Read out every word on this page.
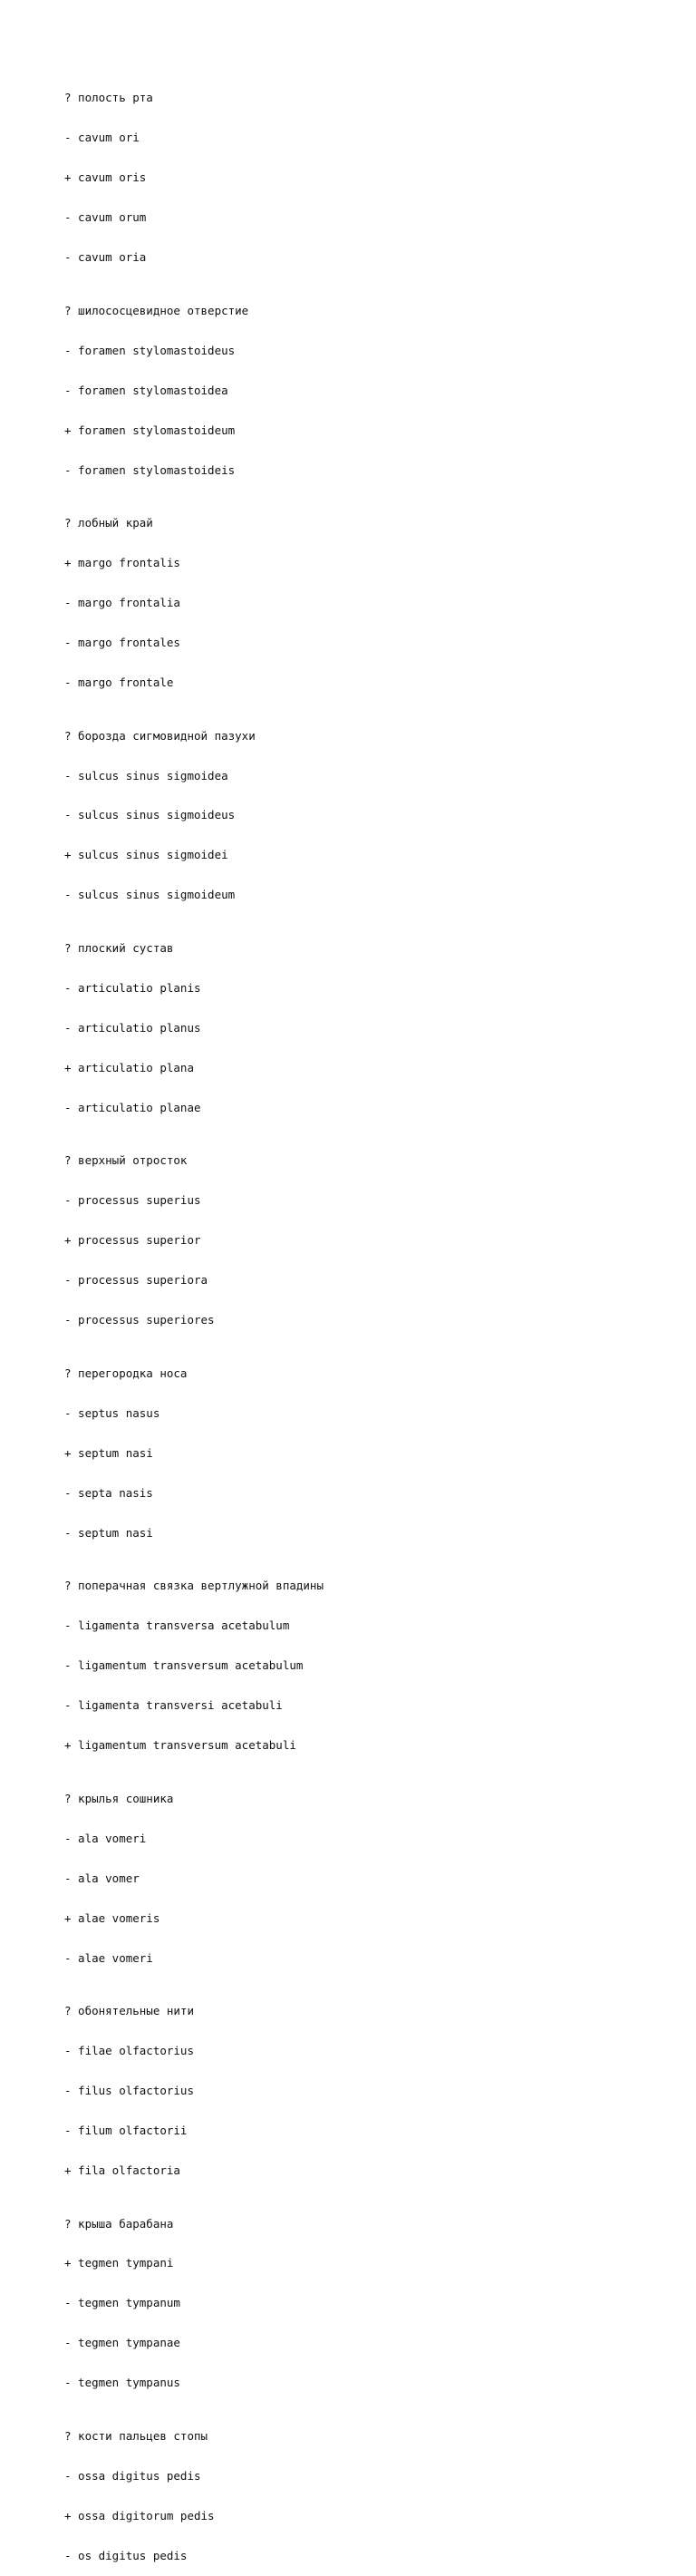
? полость рта

- cavum ori

+ cavum oris

- cavum orum

- cavum oria

? шилососцевидное отверстие

- foramen stylomastoideus

- foramen stylomastoidea

+ foramen stylomastoideum

- foramen stylomastoideis

? лобный край

+ margo frontalis

- margo frontalia

- margo frontales

- margo frontale

? борозда сигмовидной пазухи

- sulcus sinus sigmoidea

- sulcus sinus sigmoideus

+ sulcus sinus sigmoidei

- sulcus sinus sigmoideum

? плоский сустав

- articulatio planis

- articulatio planus

+ articulatio plana

- articulatio planae

? верхный отросток

- processus superius

+ processus superior

- processus superiora

- processus superiores

? перегородка носа

- septus nasus

+ septum nasi

- septa nasis

- septum nasi

? поперачная связка вертлужной впадины

- ligamenta transversa acetabulum

- ligamentum transversum acetabulum

- ligamenta transversi acetabuli

+ ligamentum transversum acetabuli

? крылья сошника

- ala vomeri

- ala vomer

+ alae vomeris

- alae vomeri

? обонятельные нити

- filae olfactorius

- filus olfactorius

- filum olfactorii

+ fila olfactoria

? крыша барабана

+ tegmen tympani

- tegmen tympanum

- tegmen tympanae

- tegmen tympanus

? кости пальцев стопы

- ossa digitus pedis

+ ossa digitorum pedis

- os digitus pedis
